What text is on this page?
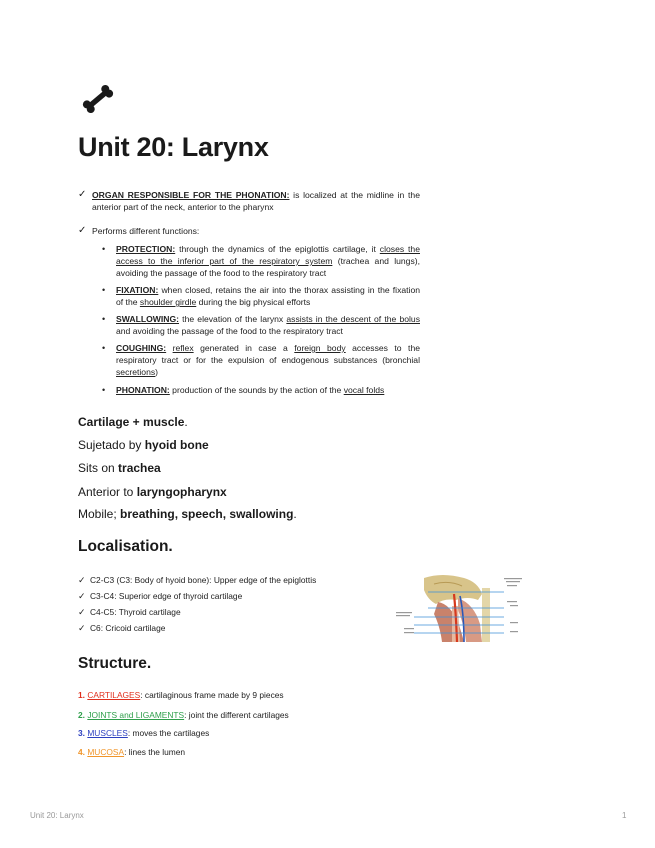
Unit 20: Larynx
✓ ORGAN RESPONSIBLE FOR THE PHONATION: is localized at the midline in the anterior part of the neck, anterior to the pharynx
✓ Performs different functions:
• PROTECTION: through the dynamics of the epiglottis cartilage, it closes the access to the inferior part of the respiratory system (trachea and lungs), avoiding the passage of the food to the respiratory tract
• FIXATION: when closed, retains the air into the thorax assisting in the fixation of the shoulder girdle during the big physical efforts
• SWALLOWING: the elevation of the larynx assists in the descent of the bolus and avoiding the passage of the food to the respiratory tract
• COUGHING: reflex generated in case a foreign body accesses to the respiratory tract or for the expulsion of endogenous substances (bronchial secretions)
• PHONATION: production of the sounds by the action of the vocal folds
Cartilage + muscle.
Sujetado by hyoid bone
Sits on trachea
Anterior to laryngopharynx
Mobile; breathing, speech, swallowing.
Localisation.
✓ C2-C3 (C3: Body of hyoid bone): Upper edge of the epiglottis
✓ C3-C4: Superior edge of thyroid cartilage
✓ C4-C5: Thyroid cartilage
✓ C6: Cricoid cartilage
Structure.
1. CARTILAGES: cartilaginous frame made by 9 pieces
2. JOINTS and LIGAMENTS: joint the different cartilages
3. MUSCLES: moves the cartilages
4. MUCOSA: lines the lumen
Unit 20: Larynx	1
